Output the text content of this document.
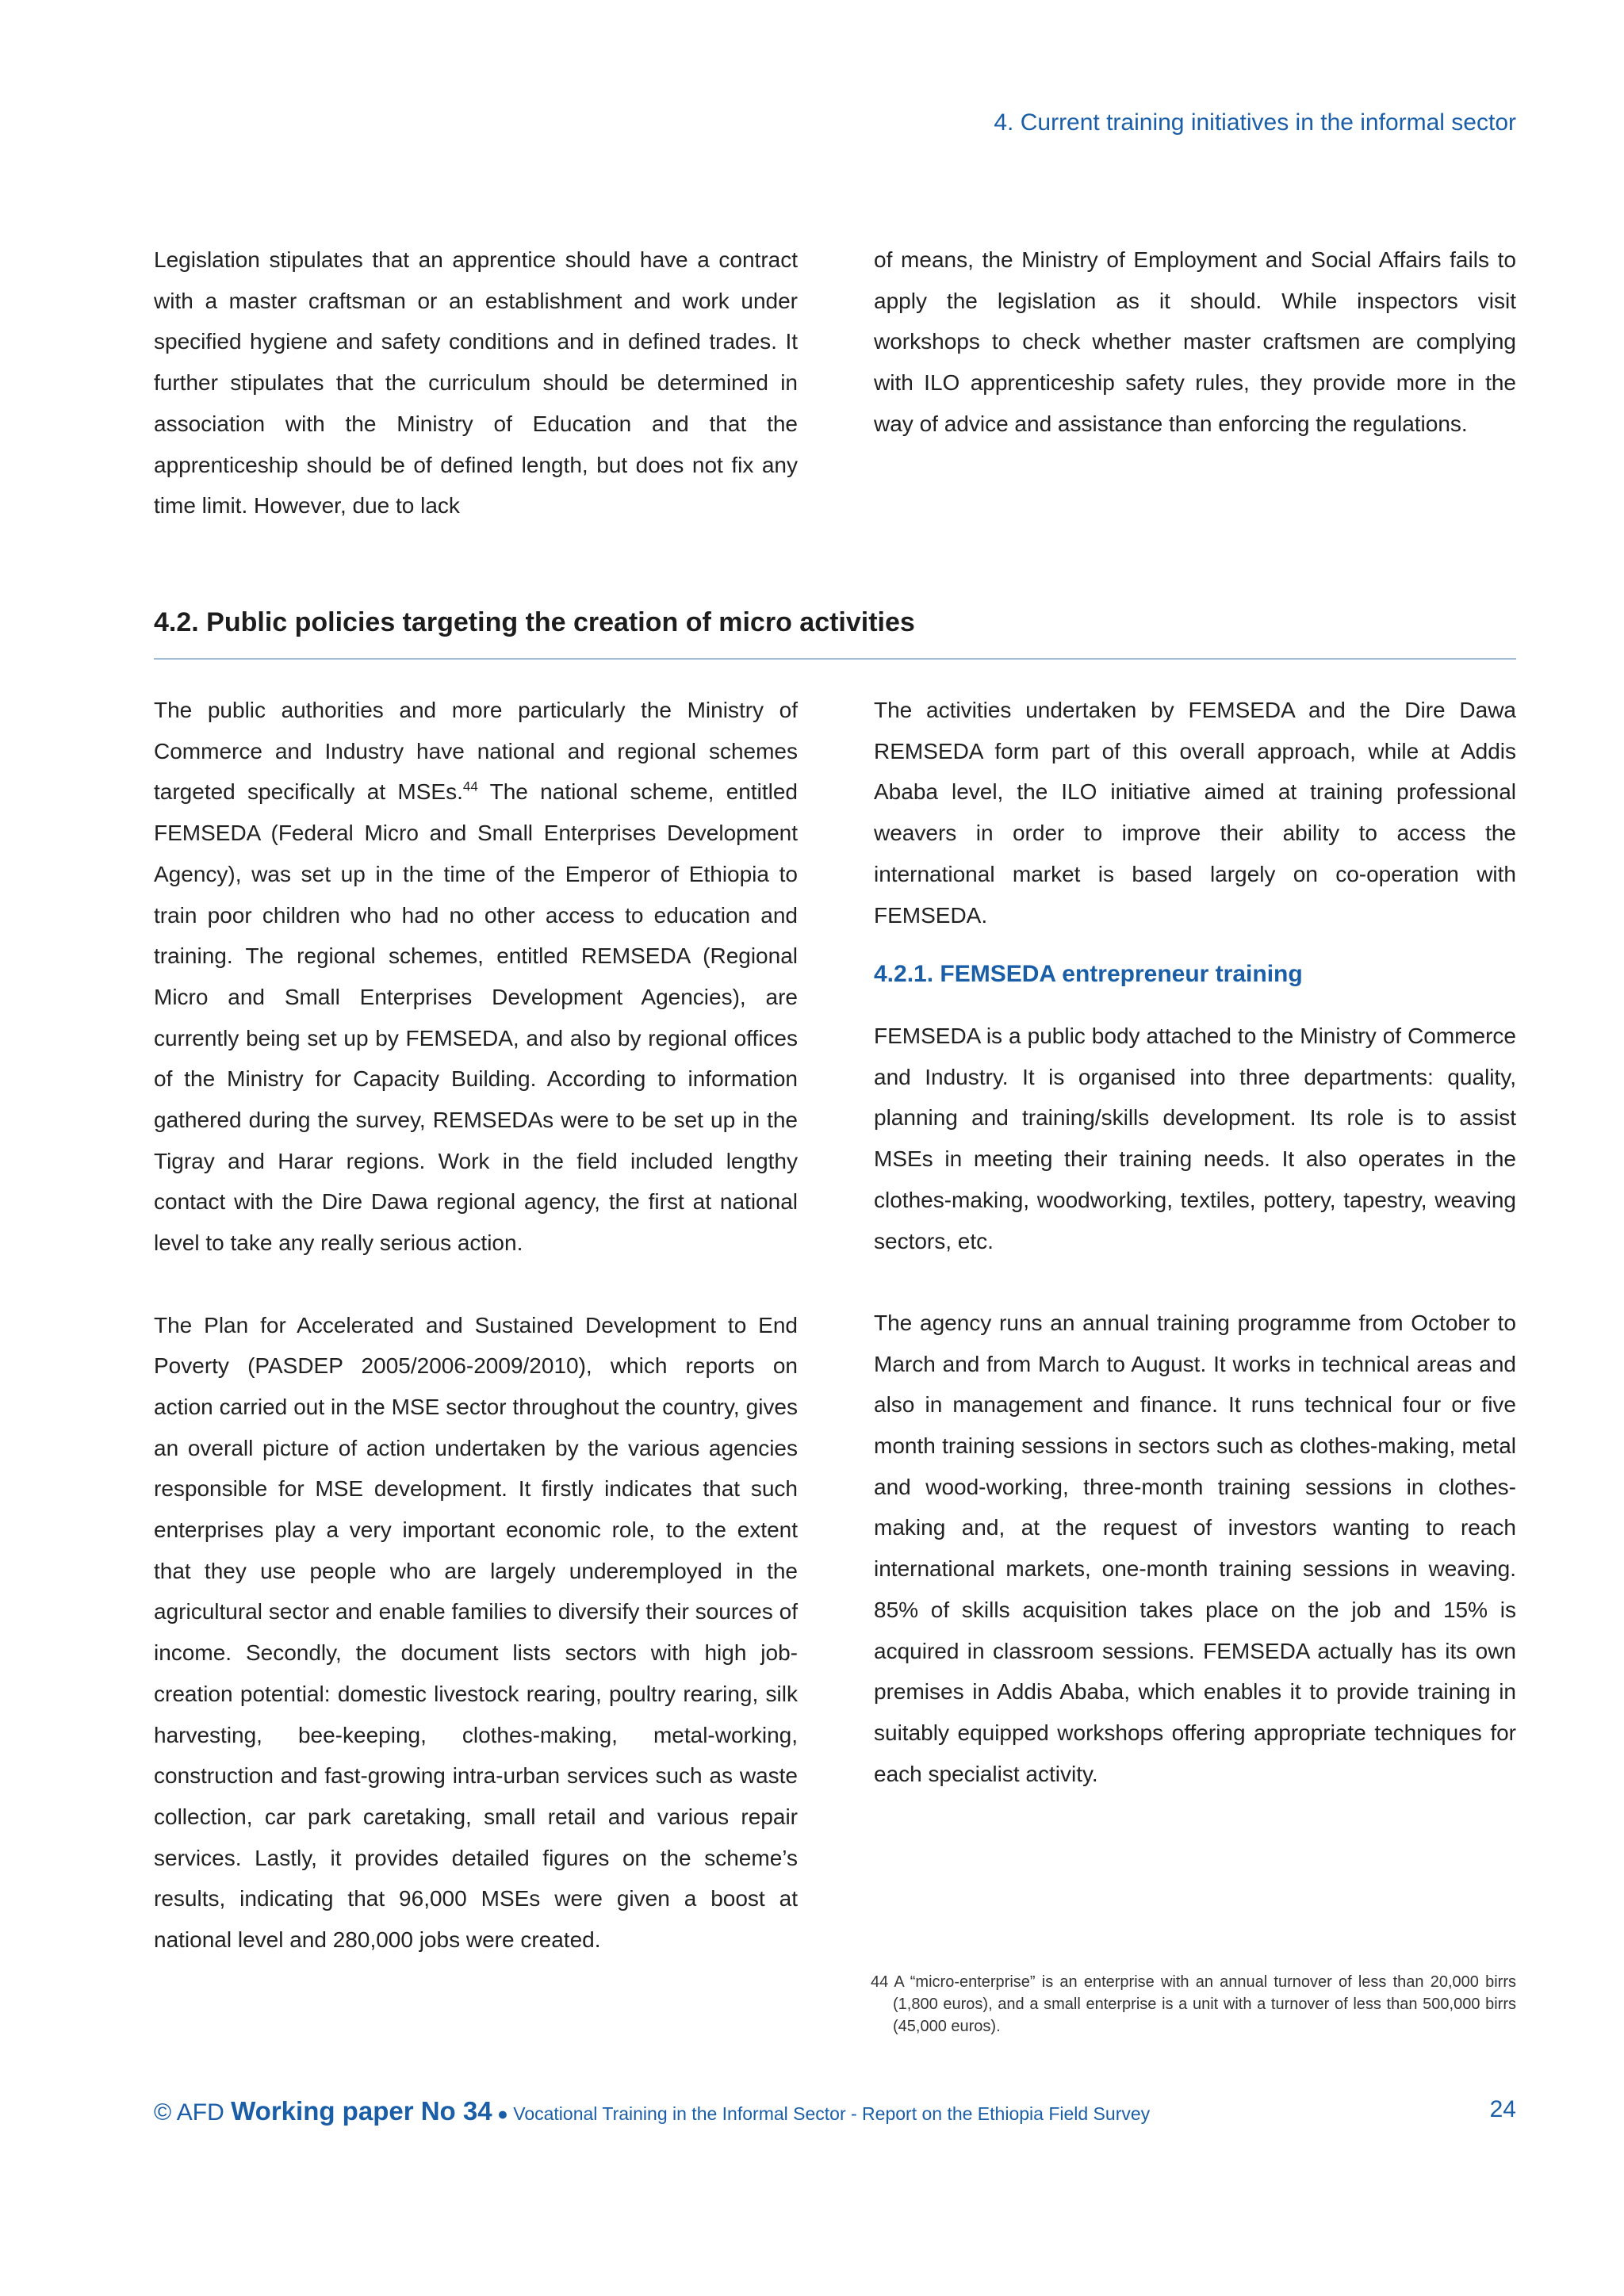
4. Current training initiatives in the informal sector

Legislation stipulates that an apprentice should have a contract with a master craftsman or an establishment and work under specified hygiene and safety conditions and in defined trades. It further stipulates that the curriculum should be determined in association with the Ministry of Education and that the apprenticeship should be of defined length, but does not fix any time limit. However, due to lack

of means, the Ministry of Employment and Social Affairs fails to apply the legislation as it should. While inspectors visit workshops to check whether master craftsmen are complying with ILO apprenticeship safety rules, they provide more in the way of advice and assistance than enforcing the regulations.

4.2. Public policies targeting the creation of micro activities

The public authorities and more particularly the Ministry of Commerce and Industry have national and regional schemes targeted specifically at MSEs.$^{44}$ The national scheme, entitled FEMSEDA (Federal Micro and Small Enterprises Development Agency), was set up in the time of the Emperor of Ethiopia to train poor children who had no other access to education and training. The regional schemes, entitled REMSEDA (Regional Micro and Small Enterprises Development Agencies), are currently being set up by FEMSEDA, and also by regional offices of the Ministry for Capacity Building. According to information gathered during the survey, REMSEDAs were to be set up in the Tigray and Harar regions. Work in the field included lengthy contact with the Dire Dawa regional agency, the first at national level to take any really serious action.

The Plan for Accelerated and Sustained Development to End Poverty (PASDEP 2005/2006-2009/2010), which reports on action carried out in the MSE sector throughout the country, gives an overall picture of action undertaken by the various agencies responsible for MSE development. It firstly indicates that such enterprises play a very important economic role, to the extent that they use people who are largely underemployed in the agricultural sector and enable families to diversify their sources of income. Secondly, the document lists sectors with high job-creation potential: domestic livestock rearing, poultry rearing, silk harvesting, bee-keeping, clothes-making, metal-working, construction and fast-growing intra-urban services such as waste collection, car park caretaking, small retail and various repair services. Lastly, it provides detailed figures on the scheme’s results, indicating that 96,000 MSEs were given a boost at national level and 280,000 jobs were created.

The activities undertaken by FEMSEDA and the Dire Dawa REMSEDA form part of this overall approach, while at Addis Ababa level, the ILO initiative aimed at training professional weavers in order to improve their ability to access the international market is based largely on co-operation with FEMSEDA.

4.2.1. FEMSEDA entrepreneur training

FEMSEDA is a public body attached to the Ministry of Commerce and Industry. It is organised into three departments: quality, planning and training/skills development. Its role is to assist MSEs in meeting their training needs. It also operates in the clothes-making, woodworking, textiles, pottery, tapestry, weaving sectors, etc.

The agency runs an annual training programme from October to March and from March to August. It works in technical areas and also in management and finance. It runs technical four or five month training sessions in sectors such as clothes-making, metal and wood-working, three-month training sessions in clothes-making and, at the request of investors wanting to reach international markets, one-month training sessions in weaving. 85% of skills acquisition takes place on the job and 15% is acquired in classroom sessions. FEMSEDA actually has its own premises in Addis Ababa, which enables it to provide training in suitably equipped workshops offering appropriate techniques for each specialist activity.

44 A “micro-enterprise” is an enterprise with an annual turnover of less than 20,000 birrs (1,800 euros), and a small enterprise is a unit with a turnover of less than 500,000 birrs (45,000 euros).
© AFD Working paper No 34 ● Vocational Training in the Informal Sector - Report on the Ethiopia Field Survey	24
